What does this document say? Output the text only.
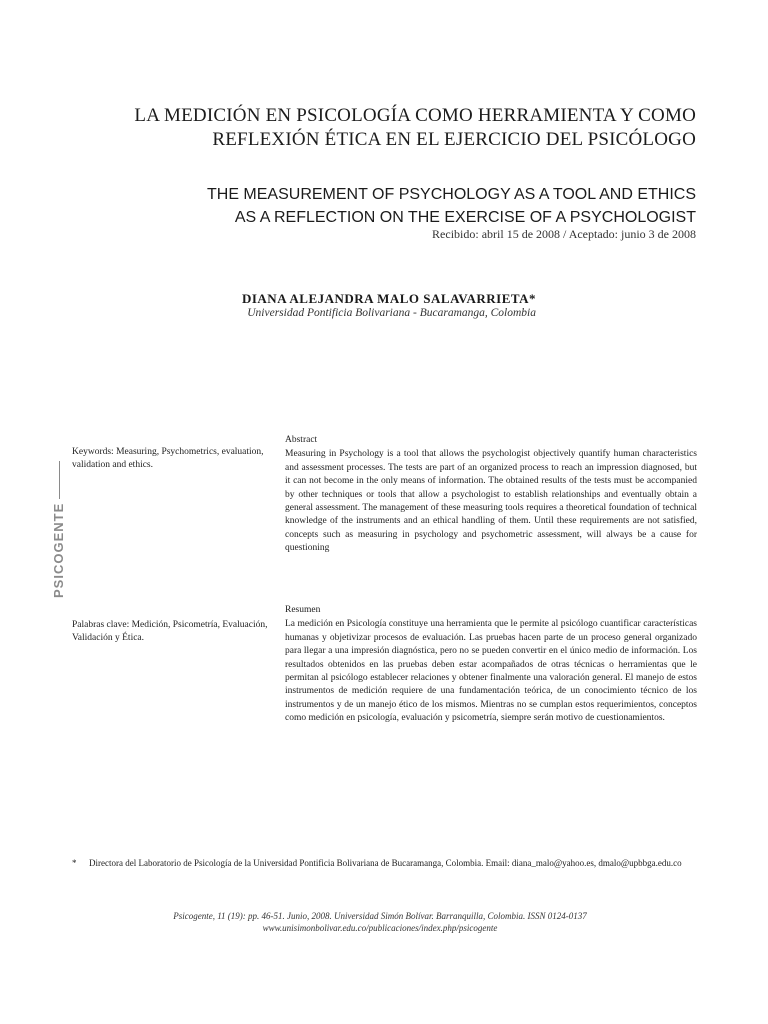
LA MEDICIÓN EN PSICOLOGÍA COMO HERRAMIENTA Y COMO
REFLEXIÓN ÉTICA EN EL EJERCICIO DEL PSICÓLOGO
THE MEASUREMENT OF PSYCHOLOGY AS A TOOL AND ETHICS
AS A REFLECTION ON THE EXERCISE OF A PSYCHOLOGIST
Recibido: abril 15 de 2008 / Aceptado: junio 3 de 2008
DIANA ALEJANDRA MALO SALAVARRIETA*
Universidad Pontificia Bolivariana - Bucaramanga, Colombia
PSICOGENTE
Keywords: Measuring, Psychometrics, evaluation, validation and ethics.
Abstract
Measuring in Psychology is a tool that allows the psychologist objectively quantify human characteristics and assessment processes. The tests are part of an organized process to reach an impression diagnosed, but it can not become in the only means of information. The obtained results of the tests must be accompanied by other techniques or tools that allow a psychologist to establish relationships and eventually obtain a general assessment. The management of these measuring tools requires a theoretical foundation of technical knowledge of the instruments and an ethical handling of them. Until these requirements are not satisfied, concepts such as measuring in psychology and psychometric assessment, will always be a cause for questioning
Palabras clave: Medición, Psicometría, Evaluación, Validación y Ética.
Resumen
La medición en Psicología constituye una herramienta que le permite al psicólogo cuantificar características humanas y objetivizar procesos de evaluación. Las pruebas hacen parte de un proceso general organizado para llegar a una impresión diagnóstica, pero no se pueden convertir en el único medio de información. Los resultados obtenidos en las pruebas deben estar acompañados de otras técnicas o herramientas que le permitan al psicólogo establecer relaciones y obtener finalmente una valoración general. El manejo de estos instrumentos de medición requiere de una fundamentación teórica, de un conocimiento técnico de los instrumentos y de un manejo ético de los mismos. Mientras no se cumplan estos requerimientos, conceptos como medición en psicología, evaluación y psicometría, siempre serán motivo de cuestionamientos.
* Directora del Laboratorio de Psicología de la Universidad Pontificia Bolivariana de Bucaramanga, Colombia. Email: diana_malo@yahoo.es, dmalo@upbbga.edu.co
Psicogente, 11 (19): pp. 46-51. Junio, 2008. Universidad Simón Bolívar. Barranquilla, Colombia. ISSN 0124-0137
www.unisimonbolivar.edu.co/publicaciones/index.php/psicogente
